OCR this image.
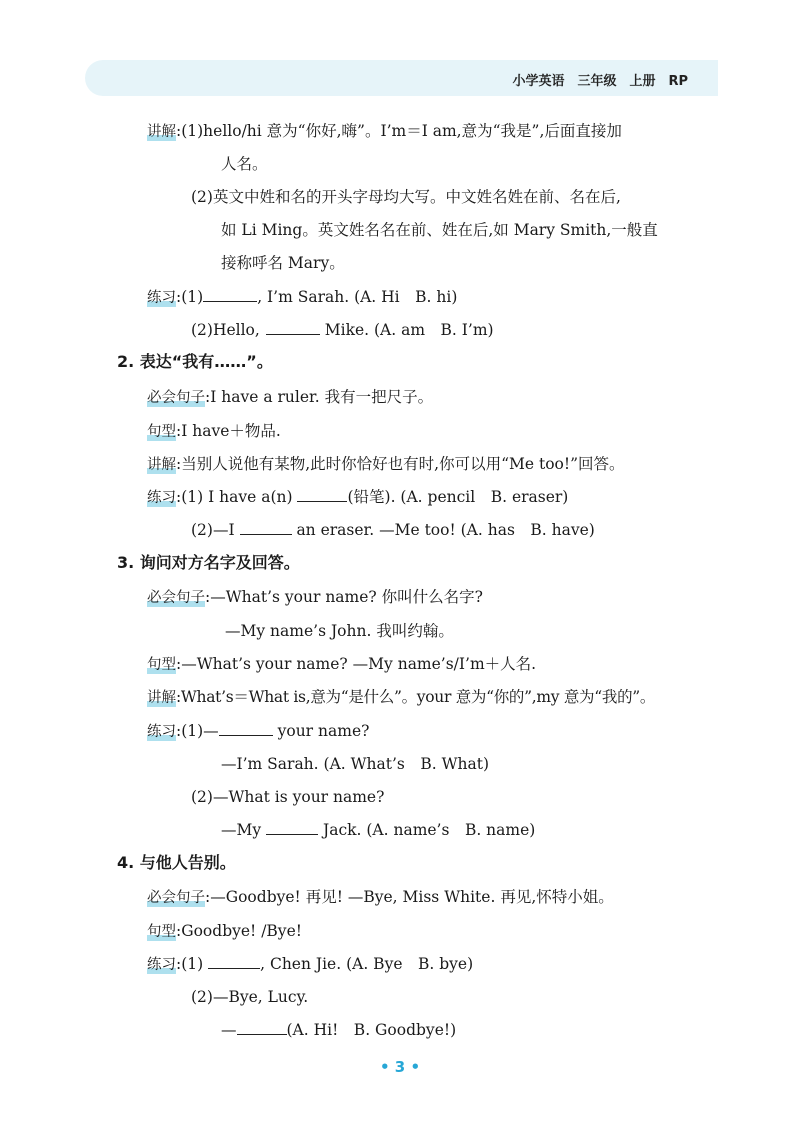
小学英语　三年级　上册　RP
讲解:(1)hello/hi 意为“你好,嗨”。I’m＝I am,意为“我是”,后面直接加
人名。
(2)英文中姓和名的开头字母均大写。中文姓名姓在前、名在后,
如 Li Ming。英文姓名名在前、姓在后,如 Mary Smith,一般直
接称呼名 Mary。
练习:(1)	, I’m Sarah. (A. Hi　B. hi)
(2)Hello,	Mike. (A. am　B. I’m)
2. 表达“我有……”。
必会句子:I have a ruler. 我有一把尺子。
句型:I have＋物品.
讲解:当别人说他有某物,此时你恰好也有时,你可以用“Me too!”回答。
练习:(1) I have a(n)	(铅笔). (A. pencil　B. eraser)
(2)—I	an eraser. —Me too! (A. has　B. have)
3. 询问对方名字及回答。
必会句子:—What’s your name? 你叫什么名字?
—My name’s John. 我叫约翰。
句型:—What’s your name? —My name’s/I’m＋人名.
讲解:What’s＝What is,意为“是什么”。your 意为“你的”,my 意为“我的”。
练习:(1)—	your name?
—I’m Sarah. (A. What’s　B. What)
(2)—What is your name?
—My	Jack. (A. name’s　B. name)
4. 与他人告别。
必会句子:—Goodbye! 再见! —Bye, Miss White. 再见,怀特小姐。
句型:Goodbye! /Bye!
练习:(1)	, Chen Jie. (A. Bye　B. bye)
(2)—Bye, Lucy.
—	(A. Hi!　B. Goodbye!)
• 3 •
